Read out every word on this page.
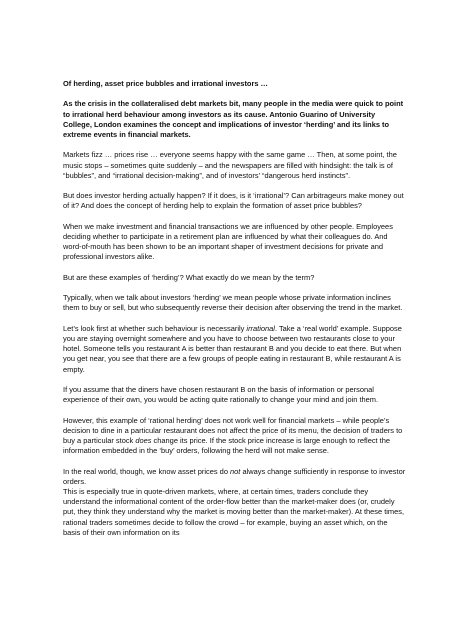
Of herding, asset price bubbles and irrational investors …

As the crisis in the collateralised debt markets bit, many people in the media were quick to point to irrational herd behaviour among investors as its cause. Antonio Guarino of University College, London examines the concept and implications of investor ‘herding’ and its links to extreme events in financial markets.

Markets fizz … prices rise … everyone seems happy with the same game … Then, at some point, the music stops – sometimes quite suddenly – and the newspapers are filled with hindsight: the talk is of “bubbles”, and “irrational decision-making”, and of investors’ “dangerous herd instincts”.

But does investor herding actually happen? If it does, is it ‘irrational’? Can arbitrageurs make money out of it? And does the concept of herding help to explain the formation of asset price bubbles?

When we make investment and financial transactions we are influenced by other people. Employees deciding whether to participate in a retirement plan are influenced by what their colleagues do. And word-of-mouth has been shown to be an important shaper of investment decisions for private and professional investors alike.

But are these examples of ‘herding’? What exactly do we mean by the term?

Typically, when we talk about investors ‘herding’ we mean people whose private information inclines them to buy or sell, but who subsequently reverse their decision after observing the trend in the market.

Let’s look first at whether such behaviour is necessarily irrational. Take a ‘real world’ example. Suppose you are staying overnight somewhere and you have to choose between two restaurants close to your hotel. Someone tells you restaurant A is better than restaurant B and you decide to eat there. But when you get near, you see that there are a few groups of people eating in restaurant B, while restaurant A is empty.

If you assume that the diners have chosen restaurant B on the basis of information or personal experience of their own, you would be acting quite rationally to change your mind and join them.

However, this example of ‘rational herding’ does not work well for financial markets – while people’s decision to dine in a particular restaurant does not affect the price of its menu, the decision of traders to buy a particular stock does change its price. If the stock price increase is large enough to reflect the information embedded in the ‘buy’ orders, following the herd will not make sense.

In the real world, though, we know asset prices do not always change sufficiently in response to investor orders.

This is especially true in quote-driven markets, where, at certain times, traders conclude they understand the informational content of the order-flow better than the market-maker does (or, crudely put, they think they understand why the market is moving better than the market-maker). At these times, rational traders sometimes decide to follow the crowd – for example, buying an asset which, on the basis of their own information on its
